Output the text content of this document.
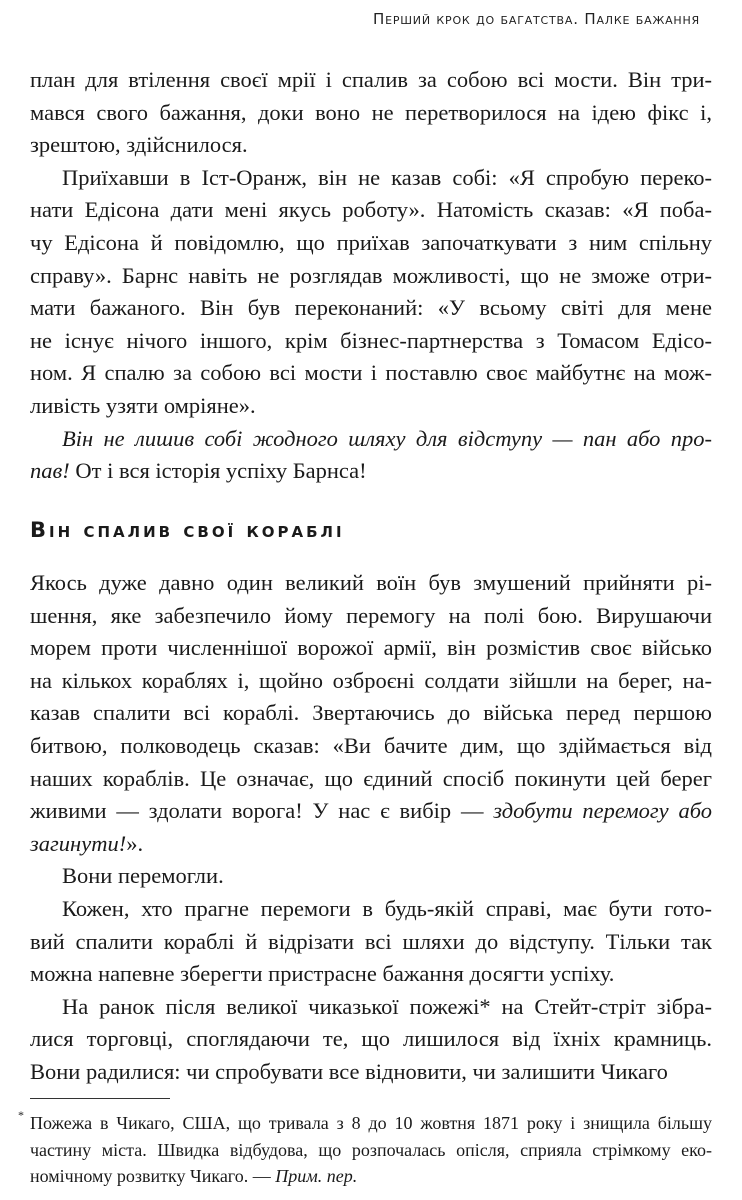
Перший крок до багатства. Палке бажання
план для втілення своєї мрії і спалив за собою всі мости. Він три-
мався свого бажання, доки воно не перетворилося на ідею фікс і,
зрештою, здійснилося.
Приїхавши в Іст-Оранж, він не казав собі: «Я спробую переко-
нати Едісона дати мені якусь роботу». Натомість сказав: «Я поба-
чу Едісона й повідомлю, що приїхав започаткувати з ним спільну
справу». Барнс навіть не розглядав можливості, що не зможе отри-
мати бажаного. Він був переконаний: «У всьому світі для мене
не існує нічого іншого, крім бізнес-партнерства з Томасом Едісо-
ном. Я спалю за собою всі мости і поставлю своє майбутнє на мож-
ливість узяти омріяне».
Він не лишив собі жодного шляху для відступу — пан або про-
пав! От і вся історія успіху Барнса!
Він спалив свої кораблі
Якось дуже давно один великий воїн був змушений прийняти рі-
шення, яке забезпечило йому перемогу на полі бою. Вирушаючи
морем проти численнішої ворожої армії, він розмістив своє військо
на кількох кораблях і, щойно озброєні солдати зійшли на берег, на-
казав спалити всі кораблі. Звертаючись до війська перед першою
битвою, полководець сказав: «Ви бачите дим, що здіймається від
наших кораблів. Це означає, що єдиний спосіб покинути цей берег
живими — здолати ворога! У нас є вибір — здобути перемогу або
загинути!».
Вони перемогли.
Кожен, хто прагне перемоги в будь-якій справі, має бути гото-
вий спалити кораблі й відрізати всі шляхи до відступу. Тільки так
можна напевне зберегти пристрасне бажання досягти успіху.
На ранок після великої чиказької пожежі* на Стейт-стріт зібра-
лися торговці, споглядаючи те, що лишилося від їхніх крамниць.
Вони радилися: чи спробувати все відновити, чи залишити Чикаго
* Пожежа в Чикаго, США, що тривала з 8 до 10 жовтня 1871 року і знищила більшу
частину міста. Швидка відбудова, що розпочалась опісля, сприяла стрімкому еко-
номічному розвитку Чикаго. — Прим. пер.
